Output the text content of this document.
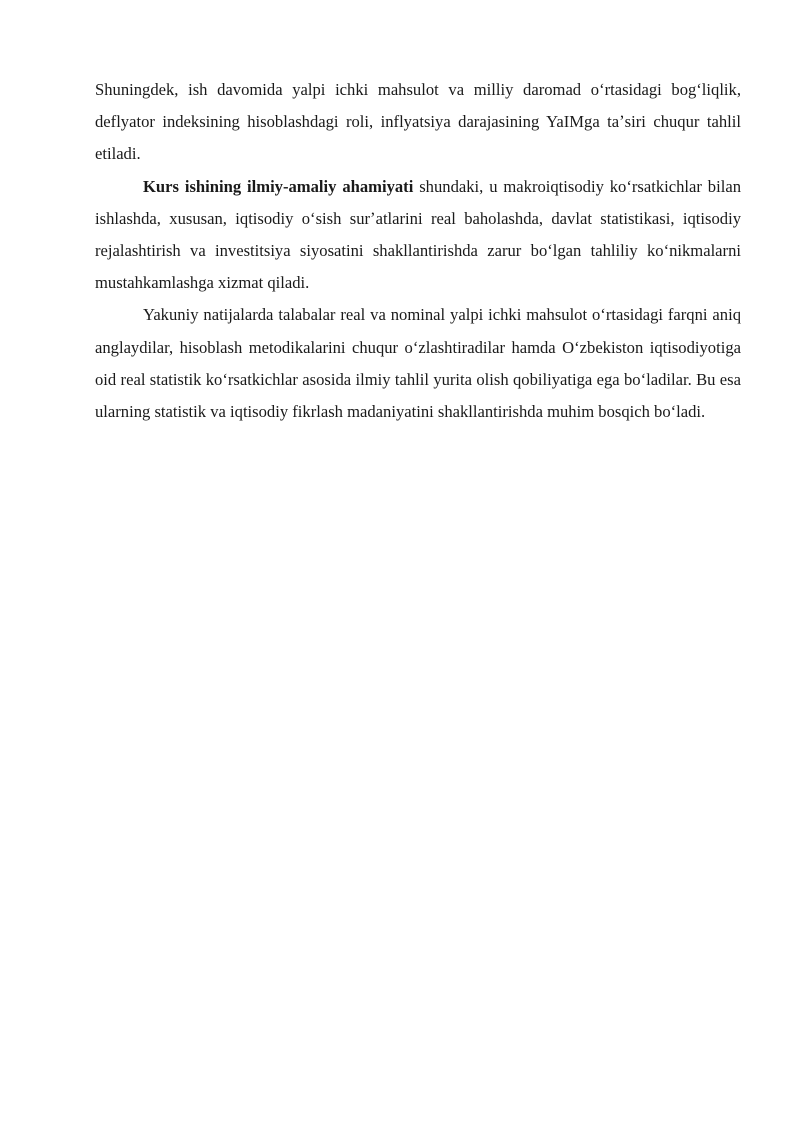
Shuningdek, ish davomida yalpi ichki mahsulot va milliy daromad oʻrtasidagi bogʻliqlik, deflyator indeksining hisoblashdagi roli, inflyatsiya darajasining YaIMga taʼsiri chuqur tahlil etiladi.

Kurs ishining ilmiy-amaliy ahamiyati shundaki, u makroiqtisodiy koʻrsatkichlar bilan ishlashda, xususan, iqtisodiy oʻsish surʼatlarini real baholashda, davlat statistikasi, iqtisodiy rejalashtirish va investitsiya siyosatini shakllantirishda zarur boʻlgan tahliliy koʻnikmalarni mustahkamlashga xizmat qiladi.

Yakuniy natijalarda talabalar real va nominal yalpi ichki mahsulot oʻrtasidagi farqni aniq anglaydilar, hisoblash metodikalarini chuqur oʻzlashtiradilar hamda Oʻzbekiston iqtisodiyotiga oid real statistik koʻrsatkichlar asosida ilmiy tahlil yurita olish qobiliyatiga ega boʻladilar. Bu esa ularning statistik va iqtisodiy fikrlash madaniyatini shakllantirishda muhim bosqich boʻladi.
